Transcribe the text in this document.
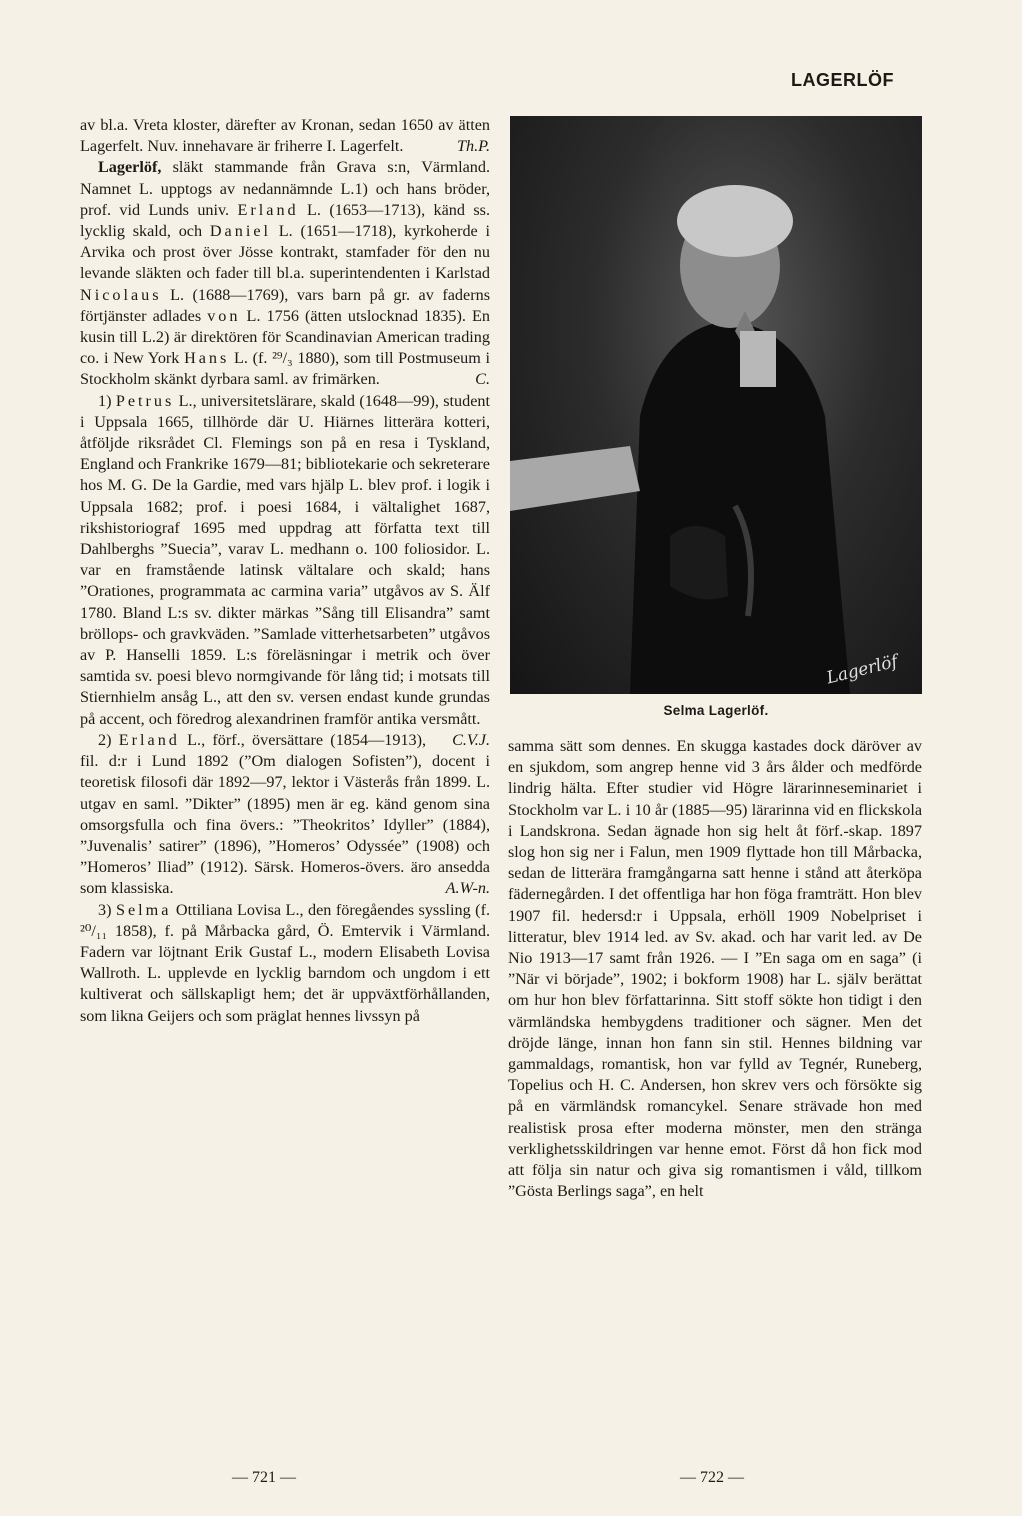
LAGERLÖF

av bl.a. Vreta kloster, därefter av Kronan, sedan 1650 av ätten Lagerfelt. Nuv. innehavare är friherre I. Lagerfelt.	Th.P.

Lagerlöf, släkt stammande från Grava s:n, Värmland. Namnet L. upptogs av nedannämnde L.1) och hans bröder, prof. vid Lunds univ. Erland L. (1653—1713), känd ss. lycklig skald, och Daniel L. (1651—1718), kyrkoherde i Arvika och prost över Jösse kontrakt, stamfader för den nu levande släkten och fader till bl.a. superintendenten i Karlstad Nicolaus L. (1688—1769), vars barn på gr. av faderns förtjänster adlades von L. 1756 (ätten utslocknad 1835). En kusin till L.2) är direktören för Scandinavian American trading co. i New York Hans L. (f. ²⁹/₃ 1880), som till Postmuseum i Stockholm skänkt dyrbara saml. av frimärken.	C.

1) Petrus L., universitetslärare, skald (1648—99), student i Uppsala 1665, tillhörde där U. Hiärnes litterära kotteri, åtföljde riksrådet Cl. Flemings son på en resa i Tyskland, England och Frankrike 1679—81; bibliotekarie och sekreterare hos M. G. De la Gardie, med vars hjälp L. blev prof. i logik i Uppsala 1682; prof. i poesi 1684, i vältalighet 1687, rikshistoriograf 1695 med uppdrag att författa text till Dahlberghs ”Suecia”, varav L. medhann o. 100 foliosidor. L. var en framstående latinsk vältalare och skald; hans ”Orationes, programmata ac carmina varia” utgåvos av S. Älf 1780. Bland L:s sv. dikter märkas ”Sång till Elisandra” samt bröllops- och gravkväden. ”Samlade vitterhetsarbeten” utgåvos av P. Hanselli 1859. L:s föreläsningar i metrik och över samtida sv. poesi blevo normgivande för lång tid; i motsats till Stiernhielm ansåg L., att den sv. versen endast kunde grundas på accent, och föredrog alexandrinen framför antika versmått.
C.V.J.

2) Erland L., förf., översättare (1854—1913), fil. d:r i Lund 1892 (”Om dialogen Sofisten”), docent i teoretisk filosofi där 1892—97, lektor i Västerås från 1899. L. utgav en saml. ”Dikter” (1895) men är eg. känd genom sina omsorgsfulla och fina övers.: ”Theokritos’ Idyller” (1884), ”Juvenalis’ satirer” (1896), ”Homeros’ Odyssée” (1908) och ”Homeros’ Iliad” (1912). Särsk. Homeros-övers. äro ansedda som klassiska.	A.W-n.

3) Selma Ottiliana Lovisa L., den föregåendes syssling (f. ²⁰/₁₁ 1858), f. på Mårbacka gård, Ö. Emtervik i Värmland. Fadern var löjtnant Erik Gustaf L., modern Elisabeth Lovisa Wallroth. L. upplevde en lycklig barndom och ungdom i ett kultiverat och sällskapligt hem; det är uppväxtförhållanden, som likna Geijers och som präglat hennes livssyn på

Lagerlöf
Selma Lagerlöf.

samma sätt som dennes. En skugga kastades dock däröver av en sjukdom, som angrep henne vid 3 års ålder och medförde lindrig hälta. Efter studier vid Högre lärarinneseminariet i Stockholm var L. i 10 år (1885—95) lärarinna vid en flickskola i Landskrona. Sedan ägnade hon sig helt åt förf.-skap. 1897 slog hon sig ner i Falun, men 1909 flyttade hon till Mårbacka, sedan de litterära framgångarna satt henne i stånd att återköpa fädernegården. I det offentliga har hon föga framträtt. Hon blev 1907 fil. hedersd:r i Uppsala, erhöll 1909 Nobelpriset i litteratur, blev 1914 led. av Sv. akad. och har varit led. av De Nio 1913—17 samt från 1926. — I ”En saga om en saga” (i ”När vi började”, 1902; i bokform 1908) har L. själv berättat om hur hon blev författarinna. Sitt stoff sökte hon tidigt i den värmländska hembygdens traditioner och sägner. Men det dröjde länge, innan hon fann sin stil. Hennes bildning var gammaldags, romantisk, hon var fylld av Tegnér, Runeberg, Topelius och H. C. Andersen, hon skrev vers och försökte sig på en värmländsk romancykel. Senare strävade hon med realistisk prosa efter moderna mönster, men den stränga verklighetsskildringen var henne emot. Först då hon fick mod att följa sin natur och giva sig romantismen i våld, tillkom ”Gösta Berlings saga”, en helt

— 721 —	— 722 —
